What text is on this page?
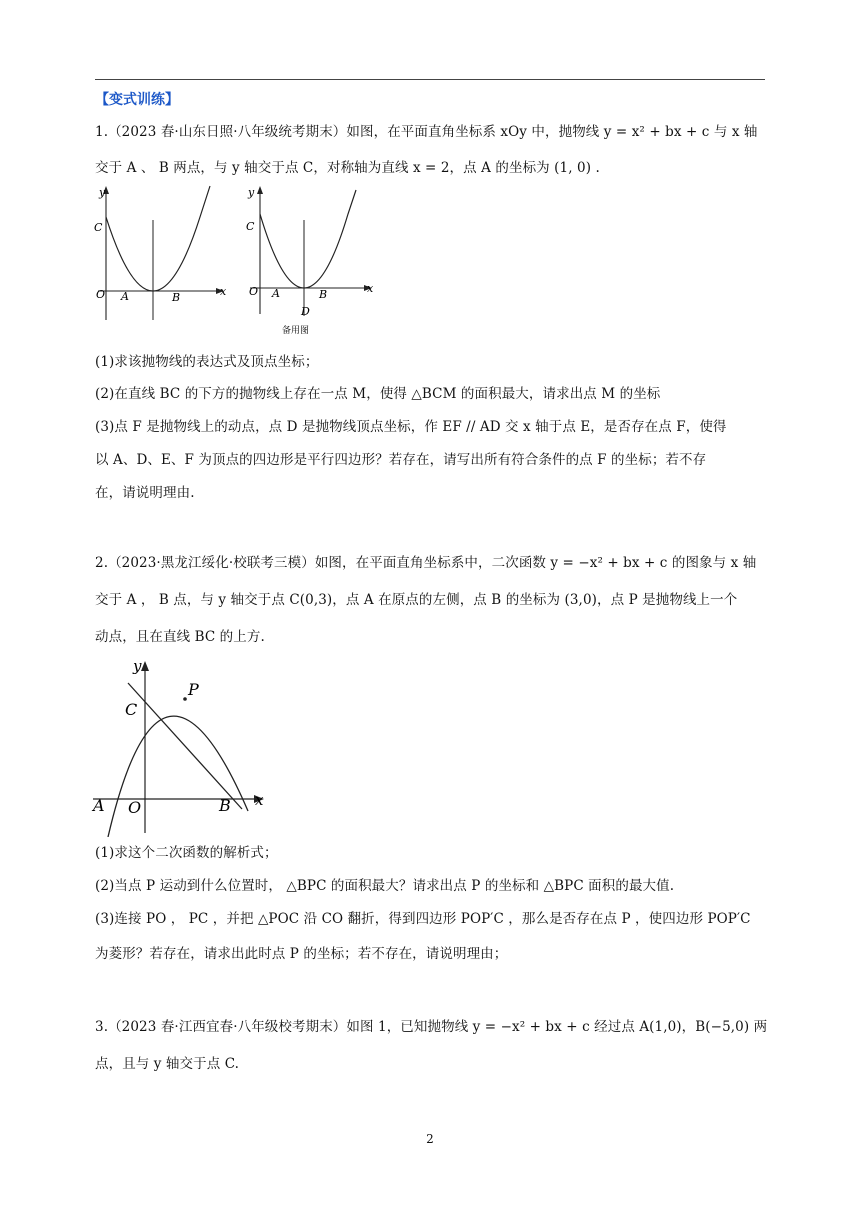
【变式训练】
1.（2023 春·山东日照·八年级统考期末）如图，在平面直角坐标系 xOy 中，抛物线 y = x² + bx + c 与 x 轴
交于 A 、 B 两点，与 y 轴交于点 C，对称轴为直线 x = 2，点 A 的坐标为 (1, 0) .
y
x
C
O A	B
y
x
C
O A	B
D
备用图
(1)求该抛物线的表达式及顶点坐标；
(2)在直线 BC 的下方的抛物线上存在一点 M，使得 △BCM 的面积最大，请求出点 M 的坐标
(3)点 F 是抛物线上的动点，点 D 是抛物线顶点坐标，作 EF // AD 交 x 轴于点 E，是否存在点 F，使得
以 A、D、E、F 为顶点的四边形是平行四边形？若存在，请写出所有符合条件的点 F 的坐标；若不存
在，请说明理由.
2.（2023·黑龙江绥化·校联考三模）如图，在平面直角坐标系中，二次函数 y = −x² + bx + c 的图象与 x 轴
交于 A ， B 点，与 y 轴交于点 C(0,3)，点 A 在原点的左侧，点 B 的坐标为 (3,0)，点 P 是抛物线上一个
动点，且在直线 BC 的上方.
y
x
C
P
A O	B
(1)求这个二次函数的解析式；
(2)当点 P 运动到什么位置时， △BPC 的面积最大？请求出点 P 的坐标和 △BPC 面积的最大值.
(3)连接 PO ， PC ，并把 △POC 沿 CO 翻折，得到四边形 POP′C ，那么是否存在点 P ，使四边形 POP′C
为菱形？若存在，请求出此时点 P 的坐标；若不存在，请说明理由；
3.（2023 春·江西宜春·八年级校考期末）如图 1，已知抛物线 y = −x² + bx + c 经过点 A(1,0)，B(−5,0) 两
点，且与 y 轴交于点 C.
2
